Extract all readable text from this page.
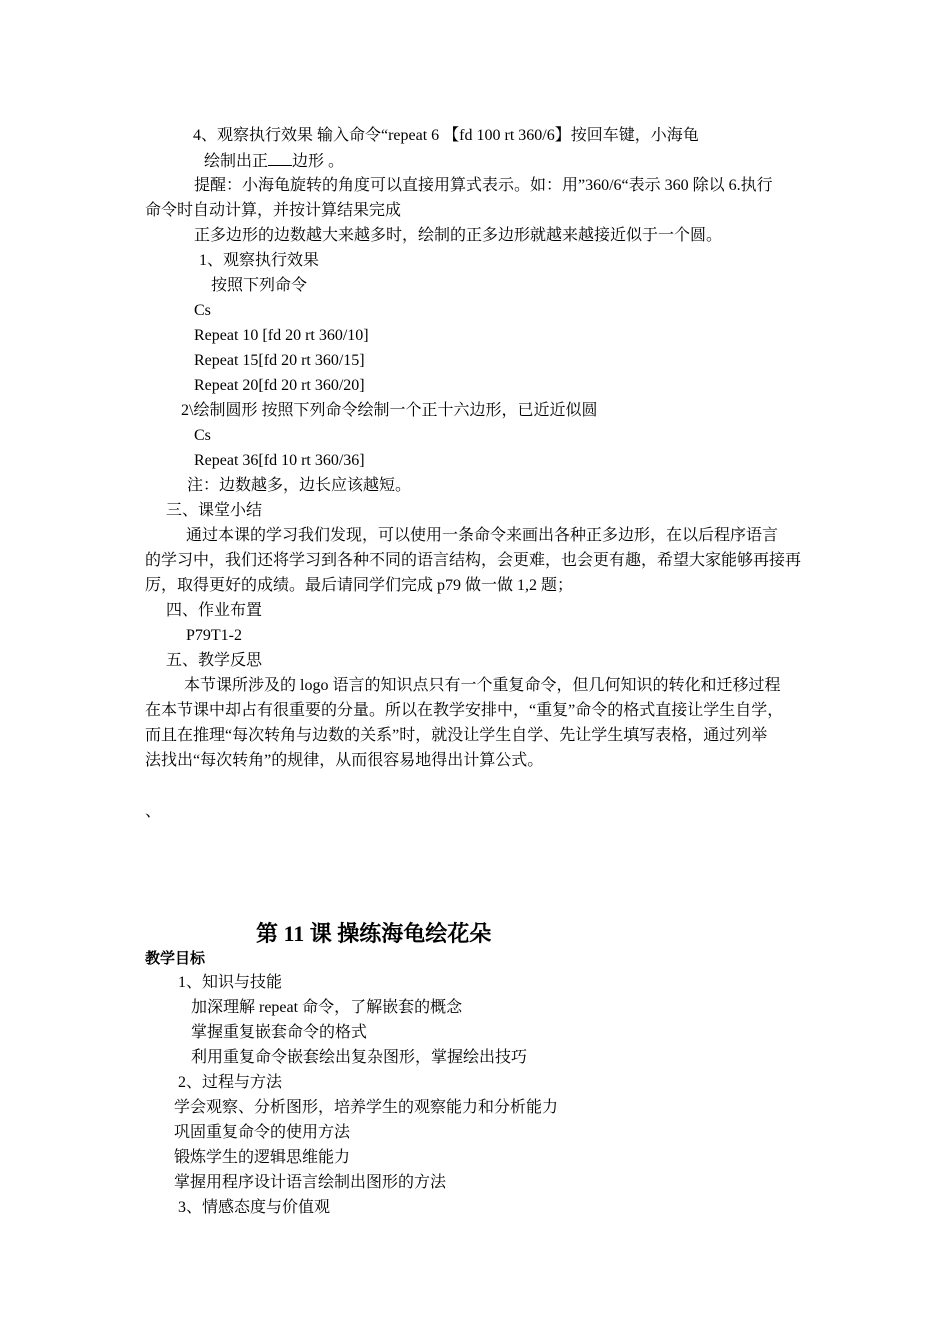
4、观察执行效果 输入命令“repeat 6 【fd 100 rt 360/6】按回车键，小海龟
绘制出正 边形 。
提醒：小海龟旋转的角度可以直接用算式表示。如：用”360/6“表示 360 除以 6.执行
命令时自动计算，并按计算结果完成
正多边形的边数越大来越多时，绘制的正多边形就越来越接近似于一个圆。
1、观察执行效果
按照下列命令
Cs
Repeat 10 [fd 20 rt 360/10]
Repeat 15[fd 20 rt 360/15]
Repeat 20[fd 20 rt 360/20]
2\绘制圆形 按照下列命令绘制一个正十六边形，已近近似圆
Cs
Repeat 36[fd 10 rt 360/36]
注：边数越多，边长应该越短。
三、课堂小结
通过本课的学习我们发现，可以使用一条命令来画出各种正多边形，在以后程序语言
的学习中，我们还将学习到各种不同的语言结构，会更难，也会更有趣，希望大家能够再接再
厉，取得更好的成绩。最后请同学们完成 p79 做一做 1,2 题；
四、作业布置
P79T1-2
五、教学反思
本节课所涉及的 logo 语言的知识点只有一个重复命令，但几何知识的转化和迁移过程
在本节课中却占有很重要的分量。所以在教学安排中，“重复”命令的格式直接让学生自学，
而且在推理“每次转角与边数的关系”时，就没让学生自学、先让学生填写表格，通过列举
法找出“每次转角”的规律，从而很容易地得出计算公式。
、
第 11 课 操练海龟绘花朵
教学目标
1、知识与技能
加深理解 repeat 命令，了解嵌套的概念
掌握重复嵌套命令的格式
利用重复命令嵌套绘出复杂图形，掌握绘出技巧
2、过程与方法
学会观察、分析图形，培养学生的观察能力和分析能力
巩固重复命令的使用方法
锻炼学生的逻辑思维能力
掌握用程序设计语言绘制出图形的方法
3、情感态度与价值观
